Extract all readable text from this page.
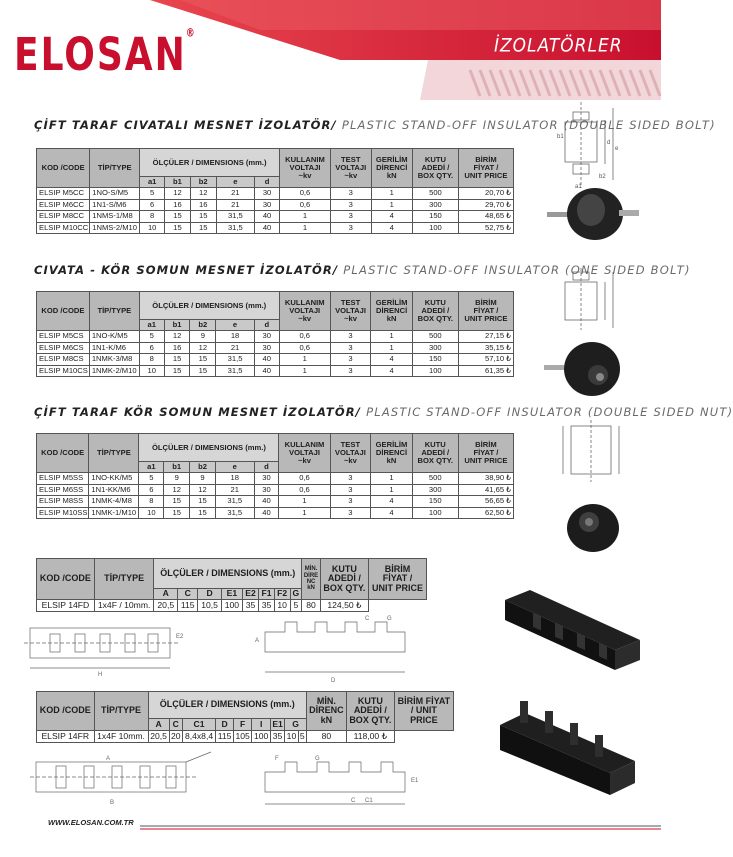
ELOSAN ®
İZOLATÖRLER
ÇİFT TARAF CIVATALI MESNET İZOLATÖR/ PLASTIC STAND-OFF INSULATOR (DOUBLE SIDED BOLT)
CIVATA - KÖR SOMUN MESNET İZOLATÖR/ PLASTIC STAND-OFF INSULATOR (ONE SIDED BOLT)
ÇİFT TARAF KÖR SOMUN MESNET İZOLATÖR/ PLASTIC STAND-OFF INSULATOR (DOUBLE SIDED NUT)
KOD /CODE	TİP/TYPE	ÖLÇÜLER / DIMENSIONS (mm.)					KULLANIM
VOLTAJI
~kv	TEST
VOLTAJI
~kv	GERİLİM
DİRENCİ
kN	KUTU
ADEDİ /
BOX QTY.	BİRİM
FİYAT /
UNIT PRICE
		a1	b1	b2	e	d					
ELSIP M5CC	1NO-S/M5	5	12	12	21	30	0,6	3	1	500	20,70 ₺
ELSIP M6CC	1N1-S/M6	6	16	16	21	30	0,6	3	1	300	29,70 ₺
ELSIP M8CC	1NMS-1/M8	8	15	15	31,5	40	1	3	4	150	48,65 ₺
ELSIP M10CC	1NMS-2/M10	10	15	15	31,5	40	1	3	4	100	52,75 ₺
KOD /CODE	TİP/TYPE	ÖLÇÜLER / DIMENSIONS (mm.)					KULLANIM
VOLTAJI
~kv	TEST
VOLTAJI
~kv	GERİLİM
DİRENCİ
kN	KUTU
ADEDİ /
BOX QTY.	BİRİM
FİYAT /
UNIT PRICE
		a1	b1	b2	e	d					
ELSIP M5CS	1NO-K/M5	5	12	9	18	30	0,6	3	1	500	27,15 ₺
ELSIP M6CS	1N1-K/M6	6	16	12	21	30	0,6	3	1	300	35,15 ₺
ELSIP M8CS	1NMK-3/M8	8	15	15	31,5	40	1	3	4	150	57,10 ₺
ELSIP M10CS	1NMK-2/M10	10	15	15	31,5	40	1	3	4	100	61,35 ₺
KOD /CODE	TİP/TYPE	ÖLÇÜLER / DIMENSIONS (mm.)					KULLANIM
VOLTAJI
~kv	TEST
VOLTAJI
~kv	GERİLİM
DİRENCİ
kN	KUTU
ADEDİ /
BOX QTY.	BİRİM
FİYAT /
UNIT PRICE
		a1	b1	b2	e	d					
ELSIP M5SS	1NO-KK/M5	5	9	9	18	30	0,6	3	1	500	38,90 ₺
ELSIP M6SS	1N1-KK/M6	6	12	12	21	30	0,6	3	1	300	41,65 ₺
ELSIP M8SS	1NMK-4/M8	8	15	15	31,5	40	1	3	4	150	56,65 ₺
ELSIP M10SS	1NMK-1/M10	10	15	15	31,5	40	1	3	4	100	62,50 ₺
KOD /CODE	TİP/TYPE	ÖLÇÜLER / DIMENSIONS (mm.)								MİN.
DİRE
NC
kN	KUTU
ADEDİ /
BOX QTY.	BİRİM
FİYAT /
UNIT PRICE
		A	C	D	E1	E2	F1	F2	G			
ELSIP 14FD	1x4F / 10mm.	20,5	115	10,5	100	35	35	10	5	80	124,50 ₺	
KOD /CODE	TİP/TYPE	ÖLÇÜLER / DIMENSIONS (mm.)									MİN.
DİRENC
kN	KUTU
ADEDİ /
BOX QTY.	BİRİM FİYAT
/ UNIT
PRICE
		A	C	C1	D	F	I	E1	G				
ELSIP 14FR	1x4F 10mm.	20,5	20	8,4x8,4	115	105	100	35	10	5	80	118,00 ₺	
d
e
b1
b2
a1
H
E2
D
C	G
A
A
B
F	G
C C1
E1
WWW.ELOSAN.COM.TR
